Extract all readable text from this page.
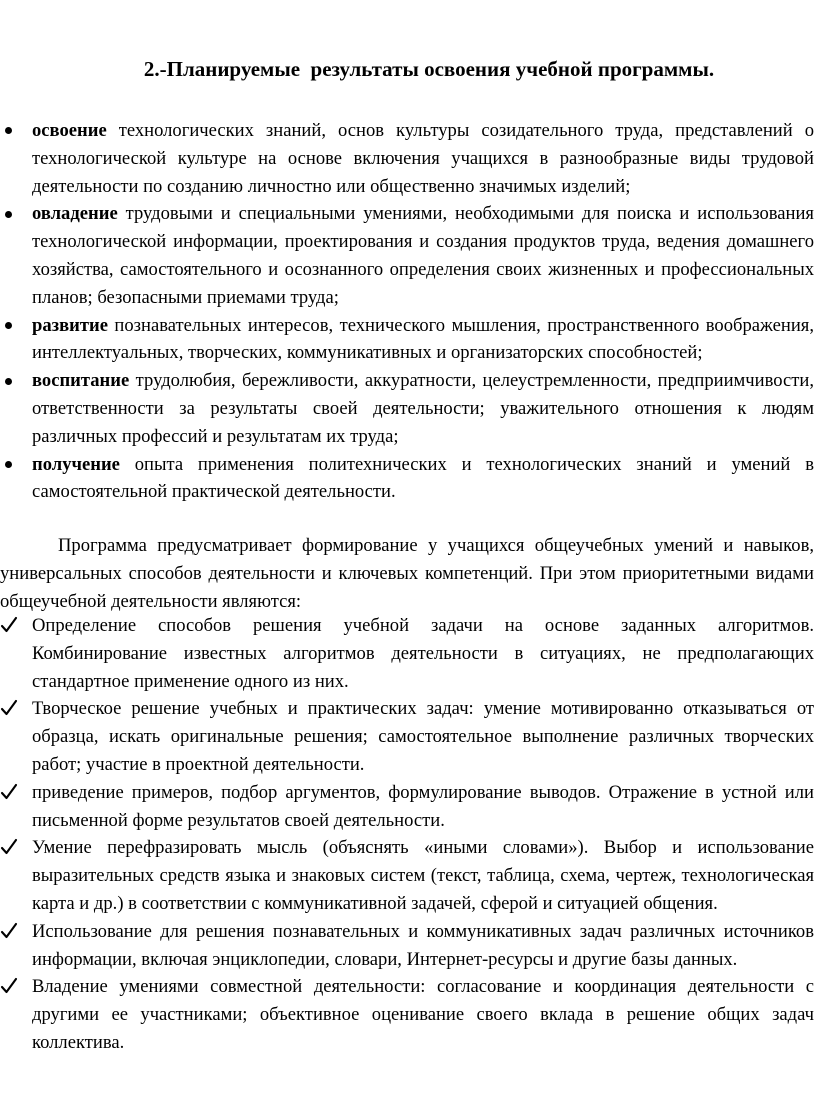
2.-Планируемые  результаты освоения учебной программы.

освоение технологических знаний, основ культуры созидательного труда, представлений о технологической культуре на основе включения учащихся в разнообразные виды трудовой деятельности по созданию личностно или общественно значимых изделий;

овладение трудовыми и специальными умениями, необходимыми для поиска и использования технологической информации, проектирования и создания продуктов труда, ведения домашнего хозяйства, самостоятельного и осознанного определения своих жизненных и профессиональных планов; безопасными приемами труда;

развитие познавательных интересов, технического мышления, пространственного воображения, интеллектуальных, творческих, коммуникативных и организаторских способностей;

воспитание трудолюбия, бережливости, аккуратности, целеустремленности, предприимчивости, ответственности за результаты своей деятельности; уважительного отношения к людям различных профессий и результатам их труда;

получение опыта применения политехнических и технологических знаний и умений в самостоятельной практической деятельности.

Программа предусматривает формирование у учащихся общеучебных умений и навыков, универсальных способов деятельности и ключевых компетенций. При этом приоритетными видами общеучебной деятельности являются:

Определение способов решения учебной задачи на основе заданных алгоритмов. Комбинирование известных алгоритмов деятельности в ситуациях, не предполагающих стандартное применение одного из них.

Творческое решение учебных и практических задач: умение мотивированно отказываться от образца, искать оригинальные решения; самостоятельное выполнение различных творческих работ; участие в проектной деятельности.

приведение примеров, подбор аргументов, формулирование выводов. Отражение в устной или письменной форме результатов своей деятельности.

Умение перефразировать мысль (объяснять «иными словами»). Выбор и использование выразительных средств языка и знаковых систем (текст, таблица, схема, чертеж, технологическая карта и др.) в соответствии с коммуникативной задачей, сферой и ситуацией общения.

Использование для решения познавательных и коммуникативных задач различных источников информации, включая энциклопедии, словари, Интернет-ресурсы и другие базы данных.

Владение умениями совместной деятельности: согласование и координация деятельности с другими ее участниками; объективное оценивание своего вклада в решение общих задач коллектива.
